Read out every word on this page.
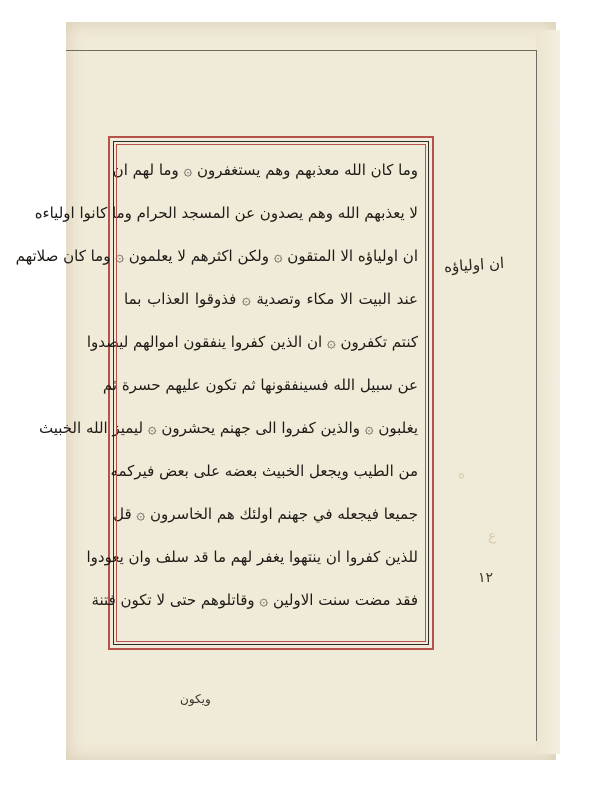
وما كان الله معذبهم وهم يستغفرون ۞ وما لهم ان
لا يعذبهم الله وهم يصدون عن المسجد الحرام وما كانوا اولياءه
ان اولياؤه الا المتقون ۞ ولكن اكثرهم لا يعلمون ۞ وما كان صلاتهم
عند البيت الا مكاء وتصدية ۞ فذوقوا العذاب بما
كنتم تكفرون ۞ ان الذين كفروا ينفقون اموالهم ليصدوا
عن سبيل الله فسينفقونها ثم تكون عليهم حسرة ثم
يغلبون ۞ والذين كفروا الى جهنم يحشرون ۞ ليميز الله الخبيث
من الطيب ويجعل الخبيث بعضه على بعض فيركمه
جميعا فيجعله في جهنم اولئك هم الخاسرون ۞ قل
للذين كفروا ان ينتهوا يغفر لهم ما قد سلف وان يعودوا
فقد مضت سنت الاولين ۞ وقاتلوهم حتى لا تكون فتنة
ان اولياؤه
۱۲
ويكون
ع
ه
